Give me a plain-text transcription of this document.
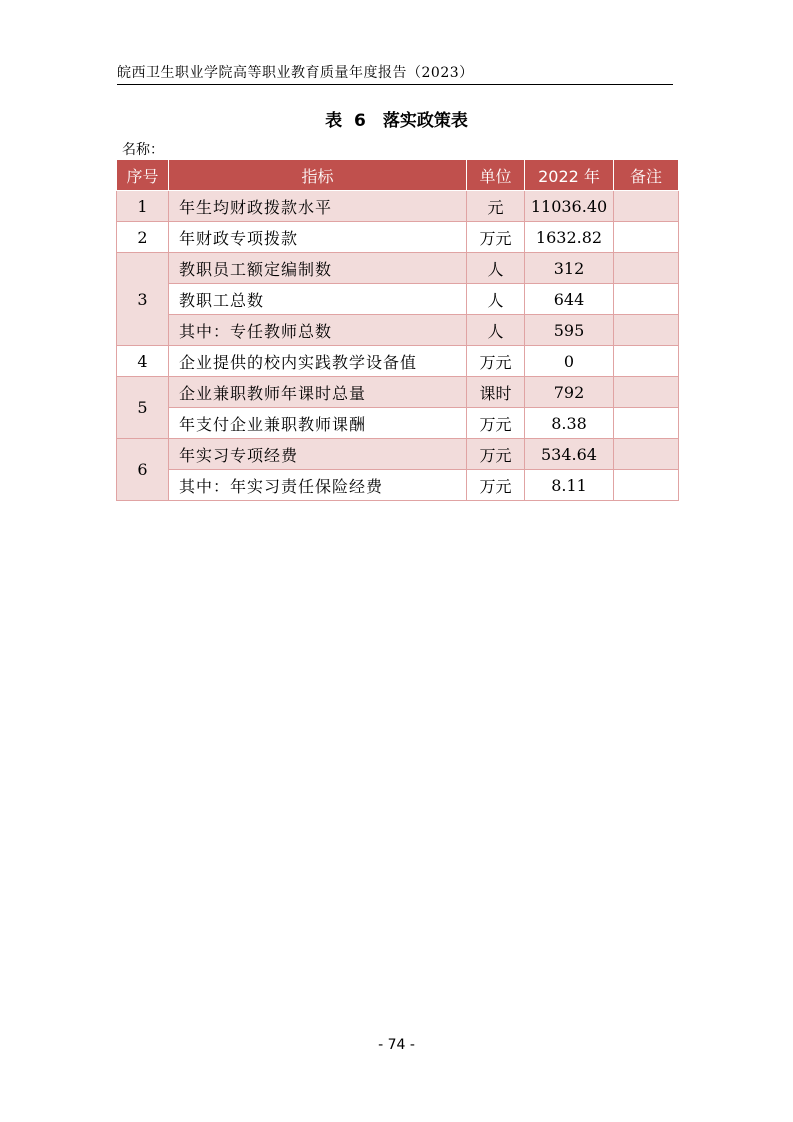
皖西卫生职业学院高等职业教育质量年度报告（2023）
表 6　落实政策表
名称：
序号	指标	单位	2022 年	备注
1	年生均财政拨款水平	元	11036.40	
2	年财政专项拨款	万元	1632.82	
3	教职员工额定编制数	人	312	
	教职工总数	人	644	
	其中：专任教师总数	人	595	
4	企业提供的校内实践教学设备值	万元	0	
5	企业兼职教师年课时总量	课时	792	
	年支付企业兼职教师课酬	万元	8.38	
6	年实习专项经费	万元	534.64	
	其中：年实习责任保险经费	万元	8.11	
- 74 -
